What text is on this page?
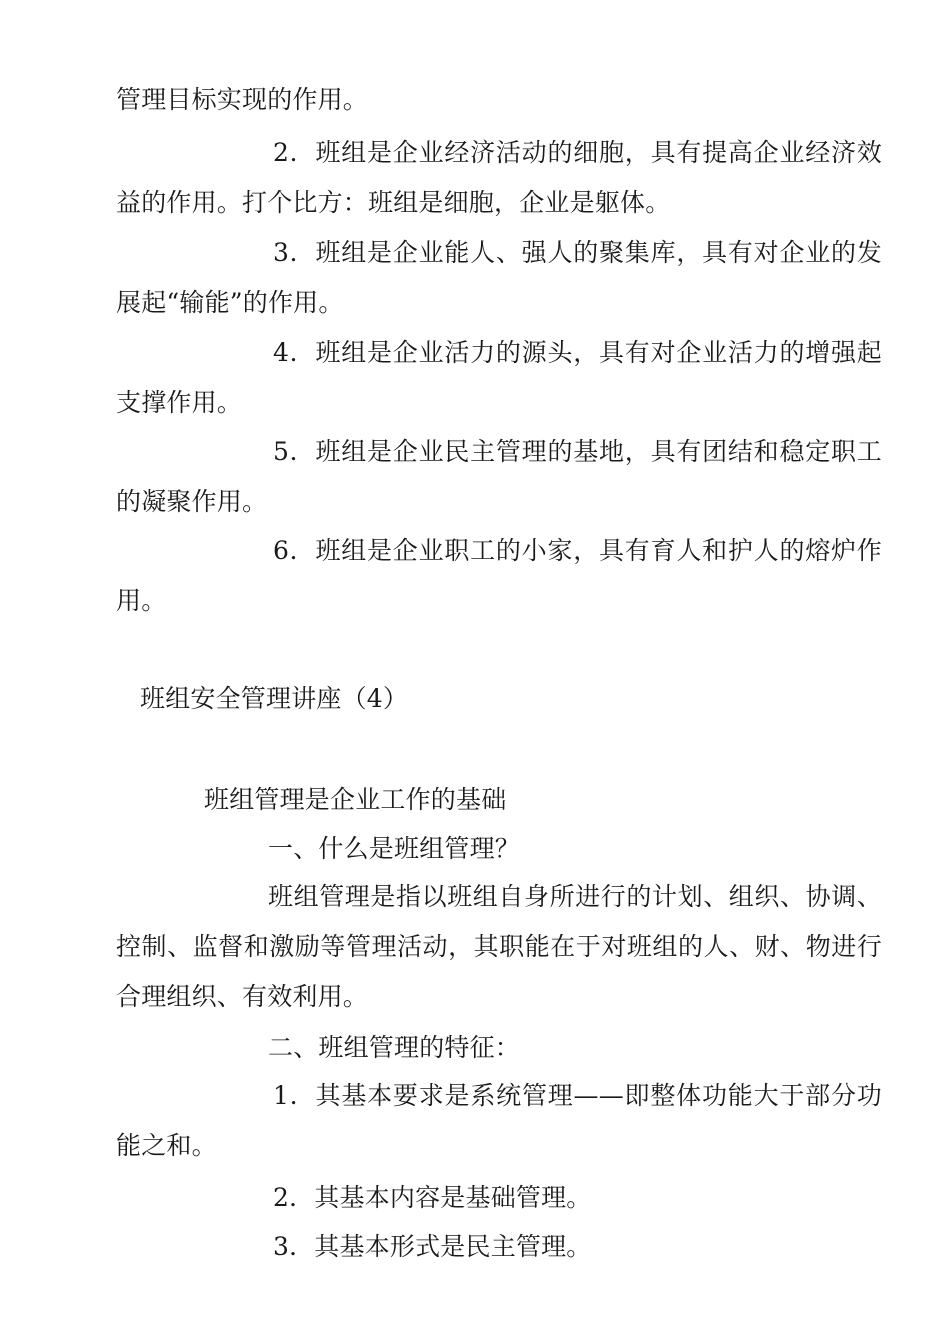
管理目标实现的作用。
2．班组是企业经济活动的细胞，具有提高企业经济效益的作用。打个比方：班组是细胞，企业是躯体。
3．班组是企业能人、强人的聚集库，具有对企业的发展起“输能”的作用。
4．班组是企业活力的源头，具有对企业活力的增强起支撑作用。
5．班组是企业民主管理的基地，具有团结和稳定职工的凝聚作用。
6．班组是企业职工的小家，具有育人和护人的熔炉作用。
班组安全管理讲座（4）
班组管理是企业工作的基础
一、什么是班组管理？
班组管理是指以班组自身所进行的计划、组织、协调、控制、监督和激励等管理活动，其职能在于对班组的人、财、物进行合理组织、有效利用。
二、班组管理的特征：
1．其基本要求是系统管理——即整体功能大于部分功能之和。
2．其基本内容是基础管理。
3．其基本形式是民主管理。
